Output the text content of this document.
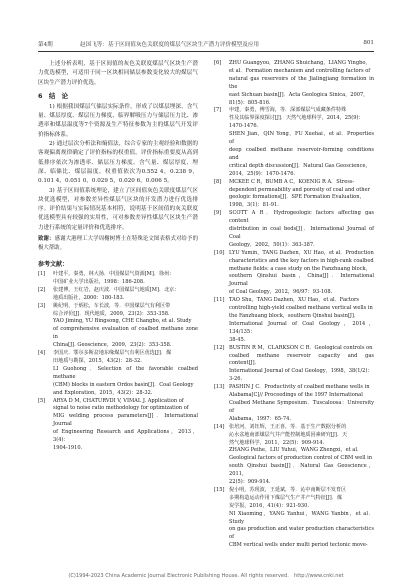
第4期	赵国飞等：基于区间值灰色关联度的煤层气区块生产潜力评价模型及应用	801

上述分析表明，基于区间值的灰色关联度煤层气区块生产潜力优选模型，可适用于同一区块相同储层参数变化较大的煤层气区块生产潜力评价优选。

6　结　论

1) 根据我国煤层气储层实际条件，形成了以煤层埋深、含气量、煤层厚度、煤层压力梯度、临界解吸压力与储层压力比、渗透率和煤层温度等7个资源及生产特征参数为主的煤层气开发评价指标体系。

2) 通过层次分析法和熵值法，综合专家的主观经验和数据的客观偏离规律确定了评价指标的权重值。评价指标重要度从高到低排序依次为渗透率、储层压力梯度、含气量、煤层厚度、埋深、临储比、煤层温度，权重值依次为0.552 4，0.238 9，0.101 4，0.051 0，0.029 5，0.020 6，0.006 5。

3) 基于区间值系统理论，建立了区间值灰色关联度煤层气区块优选模型，对参数差异性煤层气区块的开发潜力进行优选排序。评价结果与实际情况基本相符，说明基于区间值的灰关联度优选模型具有较强的实用性，可对参数差异性煤层气区块生产潜力进行系统的定量评价和优选排序。

致谢：感谢大港理工大学周榭树博士在特殊论文图表格式对给予的极大帮助。

参考文献：
[1]	叶建平，秦勇，林大扬．中国煤层气资源[M]．徐州：
中国矿业大学出版社，1998：186-208.
[2]	张建博，王红岩，赵庆波．中国煤层气地质[M]．北京：
地质出版社，2000：180-183.
[3]	姚纪明，于炳松，车长波，等．中国煤层气有利区带
综合评价[J]．现代地质，2009，23(2)：353-358.
YAO Jiming, YU Bingsong, CHE Changbo, et al. Study
of comprehensive evaluation of coalbed methane zone in
China[J]. Geoscience，2009，23(2)：353-358.
[4]	李国庆．鄂尔多斯盆地东缘煤层气有利区优选[J]．煤
田地质与勘探，2015，43(2)：28-32.
LI Guohong．Selection of the favorable coalbed methane
(CBM) blocks in eastern Ordos basin[J]．Coal Geology
and Exploration，2015，43(2)：28-32.
[5]	ARYA D M, CHATURVDI V, VIMAL J. Application of
signal to noise ratio methodology for optimization of
MIG welding process parameters[J]．International Journal
of Engineering Research and Applications，2013，3(4)：
1904-1910.
[6]	ZHU Guangyou，ZHANG Shuichang，LIANG Yingbo，
et al．Formation mechanism and controlling factors of
natural gas reservoirs of the Jialingjiang formation in the
east Sichuan basin[J]．Acta Geologica Sinica，2007，
81(5)：805-816.
[7]	申建，秦勇，傅雪海，等．深部煤层气成藏条件特殊
性及其临界深度探讨[J]．天然气地球科学，2014，25(9)：
1470-1476.
SHEN Jian，QIN Yong，FU Xuehai，et al．Properties of
deep coalbed methane reservoir-forming conditions and
critical depth discussion[J]．Natural Gas Geoscience，
2014，25(9)：1470-1476.
[8]	MCKEE C R，BUMB A C，KOENIG R A．Stress-
dependent permeability and porosity of coal and other
geologic formations[J]．SPE Formation Evaluation，
1998，3(1)：81-91.
[9]	SCOTT A R．Hydrogeologic factors affecting gas content
distribution in coal beds[J]．International Journal of Coal
Geology，2002，50(1)：363-387.
[10] LYU Yumin，TANG Dazhen，XU Hao，et al．Production
characteristics and the key factors in high-rank coalbed
methane fields: a case study on the Fanzhuang block，
southern Qinshui basin，China[J]．International Journal
of Coal Geology，2012，96/97：93-108.
[11] TAO Shu，TANG Dazhen，XU Hao，et al．Factors
controlling high-yield coalbed methane vertical wells in
the Fanzhuang block，southern Qinshui basin[J]．
International Journal of Coal Geology，2014，134/135：
38-45.
[12] BUSTIN R M，CLARKSON C R．Geological controls on
coalbed methane reservoir capacity and gas content[J]．
International Journal of Coal Geology，1998，38(1/2)：
3-26.
[13] PASHIN J C．Productivity of coalbed methane wells in
Alabama[C]// Proceedings of the 1997 International
Coalbed Methane Symposium．Tuscaloosa：University of
Alabama，1997：65-74.
[14] 张培河，刘钰辉，王正喜，等．基于生产数据分析的
沁水盆地南部煤层气井产能控制地质因素研究[J]．天
然气地球科学，2011，22(5)：909-914.
ZHANG Peihe，LIU Yuhui，WANG Zhengxi，et al．
Geological factors of production control of CBM well in
south Qinshui basin[J]．Natural Gas Geoscience，2011，
22(5)：909-914.
[15] 倪小明，苏现波，王延斌，等．沁中南断层不发育区
多期构造运动作用下煤层气生产井产气特征[J]．煤
炭学报，2016，41(4)：921-930.
NI Xiaoming，YANG Yanhui，WANG Yanbin，et al．Study
on gas production and water production characteristics of
CBM vertical wells under multi period tectonic move-
(C)1994-2023 China Academic Journal Electronic Publishing House. All rights reserved.　http://www.cnki.net
